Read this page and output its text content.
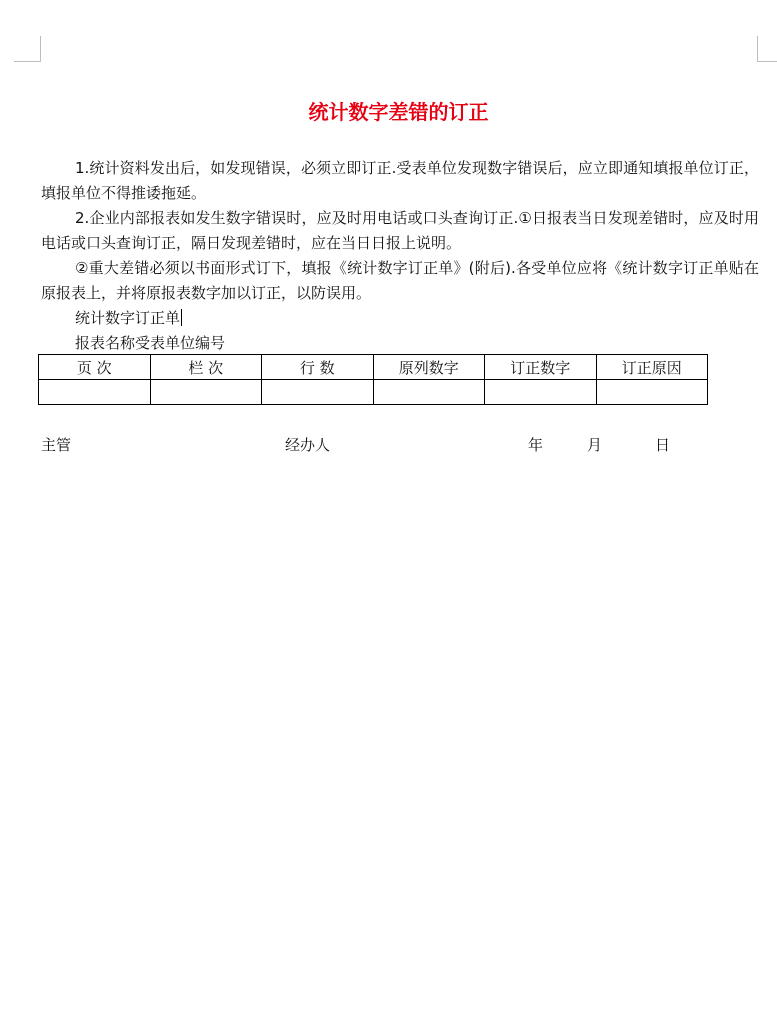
统计数字差错的订正

1.统计资料发出后，如发现错误，必须立即订正.受表单位发现数字错误后，应立即通知填报单位订正，填报单位不得推诿拖延。

2.企业内部报表如发生数字错误时，应及时用电话或口头查询订正.①日报表当日发现差错时，应及时用电话或口头查询订正，隔日发现差错时，应在当日日报上说明。

②重大差错必须以书面形式订下，填报《统计数字订正单》(附后).各受单位应将《统计数字订正单贴在原报表上，并将原报表数字加以订正，以防误用。

统计数字订正单

报表名称受表单位编号

页 次	栏 次	行 数	原列数字	订正数字	订正原因

主管	经办人	年	月	日
